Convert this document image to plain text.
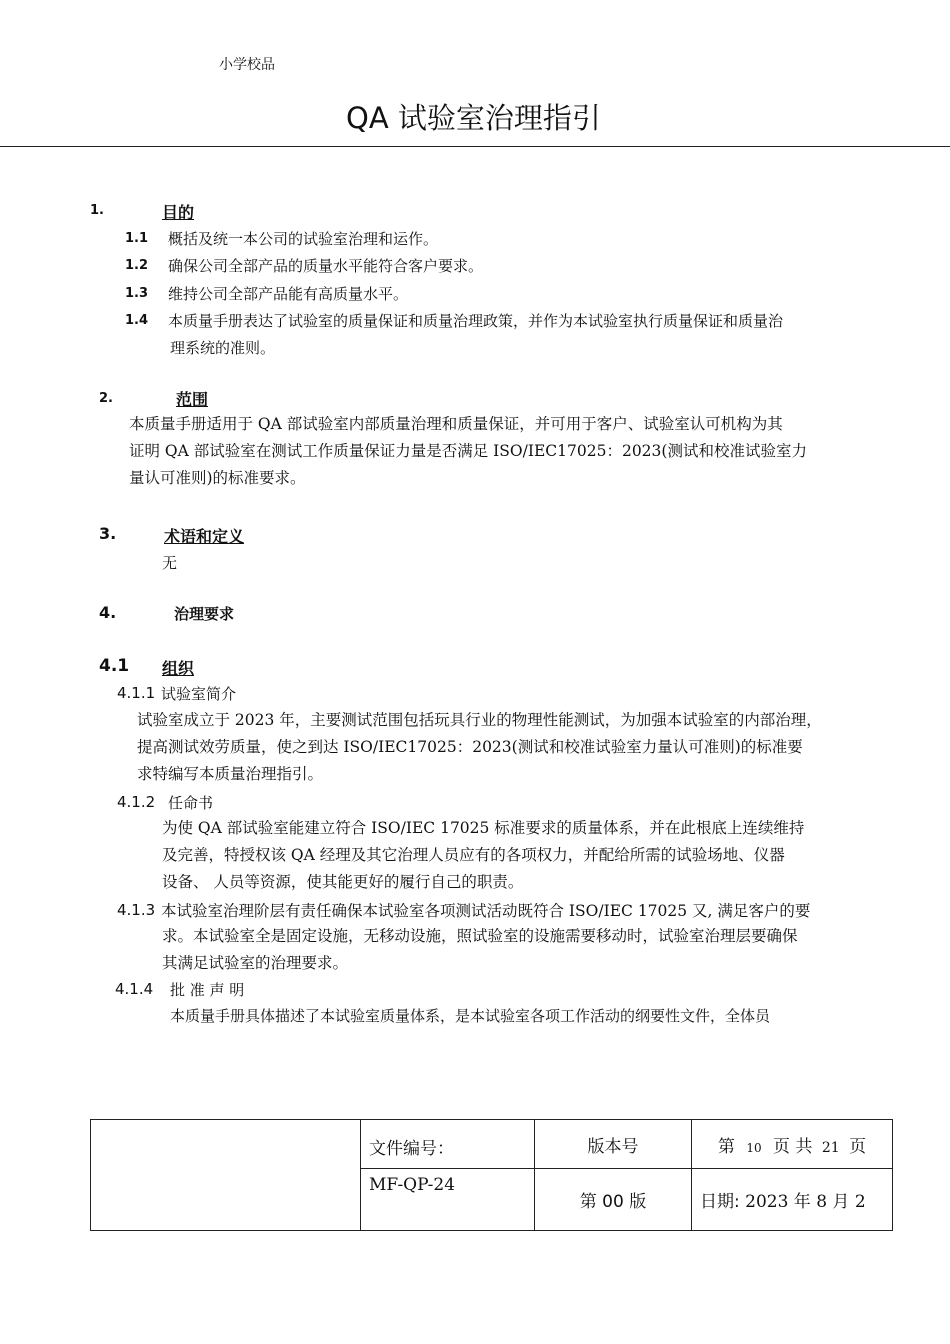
小学校品
QA 试验室治理指引
1.	目的
1.1 概括及统一本公司的试验室治理和运作。
1.2 确保公司全部产品的质量水平能符合客户要求。
1.3 维持公司全部产品能有高质量水平。
1.4 本质量手册表达了试验室的质量保证和质量治理政策，并作为本试验室执行质量保证和质量治
理系统的准则。
2.	范围
本质量手册适用于 QA 部试验室内部质量治理和质量保证，并可用于客户、试验室认可机构为其
证明 QA 部试验室在测试工作质量保证力量是否满足 ISO/IEC17025：2023(测试和校准试验室力
量认可准则)的标准要求。
3.	术语和定义
无
4.	治理要求
4.1 组织
4.1.1 试验室简介
试验室成立于 2023 年，主要测试范围包括玩具行业的物理性能测试，为加强本试验室的内部治理，
提高测试效劳质量，使之到达 ISO/IEC17025：2023(测试和校准试验室力量认可准则)的标准要
求特编写本质量治理指引。
4.1.2 任命书
为使 QA 部试验室能建立符合 ISO/IEC 17025 标准要求的质量体系，并在此根底上连续维持
及完善，特授权该 QA 经理及其它治理人员应有的各项权力，并配给所需的试验场地、仪器
设备、 人员等资源，使其能更好的履行自己的职责。
4.1.3 本试验室治理阶层有责任确保本试验室各项测试活动既符合 ISO/IEC 17025 又, 满足客户的要
求。本试验室全是固定设施，无移动设施，照试验室的设施需要移动时，试验室治理层要确保
其满足试验室的治理要求。
4.1.4 批 准 声 明
本质量手册具体描述了本试验室质量体系，是本试验室各项工作活动的纲要性文件，全体员
	文件编号：	版本号	第 10 页 共 21 页
	MF-QP-24	第 00 版	日期: 2023 年 8 月 2
